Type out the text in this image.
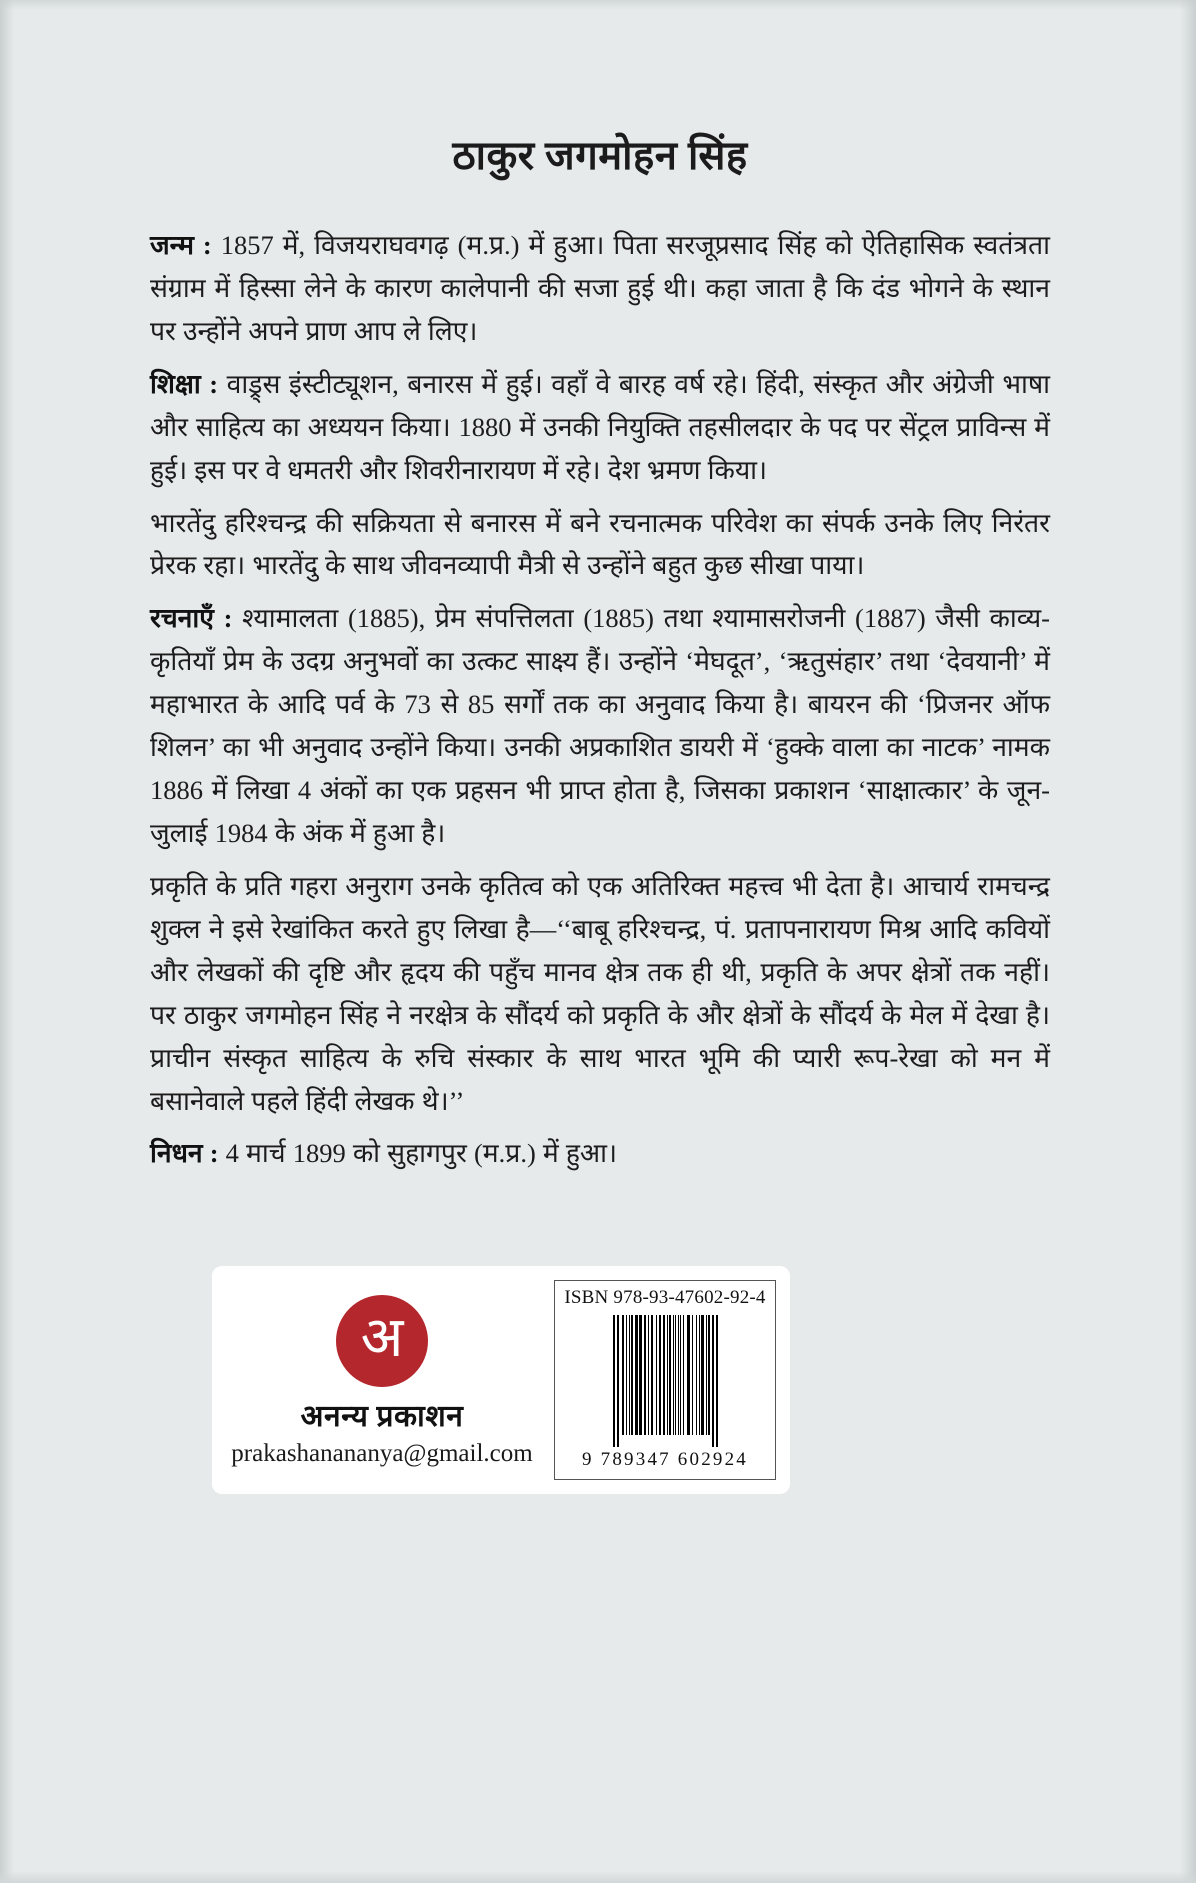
ठाकुर जगमोहन सिंह

जन्म : 1857 में, विजयराघवगढ़ (म.प्र.) में हुआ। पिता सरजूप्रसाद सिंह को ऐतिहासिक स्वतंत्रता संग्राम में हिस्सा लेने के कारण कालेपानी की सजा हुई थी। कहा जाता है कि दंड भोगने के स्थान पर उन्होंने अपने प्राण आप ले लिए।

शिक्षा : वाड्र्स इंस्टीट्यूशन, बनारस में हुई। वहाँ वे बारह वर्ष रहे। हिंदी, संस्कृत और अंग्रेजी भाषा और साहित्य का अध्ययन किया। 1880 में उनकी नियुक्ति तहसीलदार के पद पर सेंट्रल प्राविन्स में हुई। इस पर वे धमतरी और शिवरीनारायण में रहे। देश भ्रमण किया।

भारतेंदु हरिश्चन्द्र की सक्रियता से बनारस में बने रचनात्मक परिवेश का संपर्क उनके लिए निरंतर प्रेरक रहा। भारतेंदु के साथ जीवनव्यापी मैत्री से उन्होंने बहुत कुछ सीखा पाया।

रचनाएँ : श्यामालता (1885), प्रेम संपत्तिलता (1885) तथा श्यामासरोजनी (1887) जैसी काव्य-कृतियाँ प्रेम के उदग्र अनुभवों का उत्कट साक्ष्य हैं। उन्होंने ‘मेघदूत’, ‘ऋतुसंहार’ तथा ‘देवयानी’ में महाभारत के आदि पर्व के 73 से 85 सर्गों तक का अनुवाद किया है। बायरन की ‘प्रिजनर ऑफ शिलन’ का भी अनुवाद उन्होंने किया। उनकी अप्रकाशित डायरी में ‘हुक्के वाला का नाटक’ नामक 1886 में लिखा 4 अंकों का एक प्रहसन भी प्राप्त होता है, जिसका प्रकाशन ‘साक्षात्कार’ के जून-जुलाई 1984 के अंक में हुआ है।

प्रकृति के प्रति गहरा अनुराग उनके कृतित्व को एक अतिरिक्त महत्त्व भी देता है। आचार्य रामचन्द्र शुक्ल ने इसे रेखांकित करते हुए लिखा है—‘‘बाबू हरिश्चन्द्र, पं. प्रतापनारायण मिश्र आदि कवियों और लेखकों की दृष्टि और हृदय की पहुँच मानव क्षेत्र तक ही थी, प्रकृति के अपर क्षेत्रों तक नहीं। पर ठाकुर जगमोहन सिंह ने नरक्षेत्र के सौंदर्य को प्रकृति के और क्षेत्रों के सौंदर्य के मेल में देखा है। प्राचीन संस्कृत साहित्य के रुचि संस्कार के साथ भारत भूमि की प्यारी रूप-रेखा को मन में बसानेवाले पहले हिंदी लेखक थे।’’

निधन : 4 मार्च 1899 को सुहागपुर (म.प्र.) में हुआ।

अ
अनन्य प्रकाशन
prakashanananya@gmail.com
ISBN 978-93-47602-92-4
9 789347 602924
